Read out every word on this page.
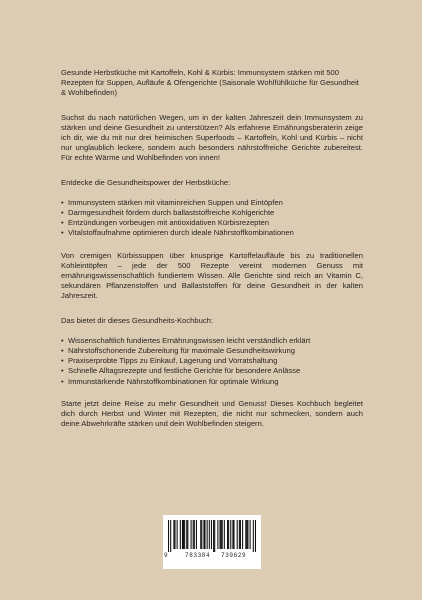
Gesunde Herbstküche mit Kartoffeln, Kohl & Kürbis: Immunsystem stärken mit 500 Rezepten für Suppen, Aufläufe & Ofengerichte (Saisonale Wohlfühlküche für Gesundheit & Wohlbefinden)

Suchst du nach natürlichen Wegen, um in der kalten Jahreszeit dein Immunsystem zu stärken und deine Gesundheit zu unterstützen? Als erfahrene Ernährungsberaterin zeige ich dir, wie du mit nur drei heimischen Superfoods – Kartoffeln, Kohl und Kürbis – nicht nur unglaublich leckere, sondern auch besonders nährstoffreiche Gerichte zubereitest. Für echte Wärme und Wohlbefinden von innen!

Entdecke die Gesundheitspower der Herbstküche:

• Immunsystem stärken mit vitaminreichen Suppen und Eintöpfen
• Darmgesundheit fördern durch ballaststoffreiche Kohlgerichte
• Entzündungen vorbeugen mit antioxidativen Kürbisrezepten
• Vitalstoffaufnahme optimieren durch ideale Nährstoffkombinationen

Von cremigen Kürbissuppen über knusprige Kartoffelaufläufe bis zu traditionellen Kohleintöpfen – jede der 500 Rezepte vereint modernen Genuss mit ernährungswissenschaftlich fundiertem Wissen. Alle Gerichte sind reich an Vitamin C, sekundären Pflanzenstoffen und Ballaststoffen für deine Gesundheit in der kalten Jahreszeit.

Das bietet dir dieses Gesundheits-Kochbuch:

• Wissenschaftlich fundiertes Ernährungswissen leicht verständlich erklärt
• Nährstoffschonende Zubereitung für maximale Gesundheitswirkung
• Praxiserprobte Tipps zu Einkauf, Lagerung und Vorratshaltung
• Schnelle Alltagsrezepte und festliche Gerichte für besondere Anlässe
• Immunstärkende Nährstoffkombinationen für optimale Wirkung

Starte jetzt deine Reise zu mehr Gesundheit und Genuss! Dieses Kochbuch begleitet dich durch Herbst und Winter mit Rezepten, die nicht nur schmecken, sondern auch deine Abwehrkräfte stärken und dein Wohlbefinden steigern.

9	783384 739629
